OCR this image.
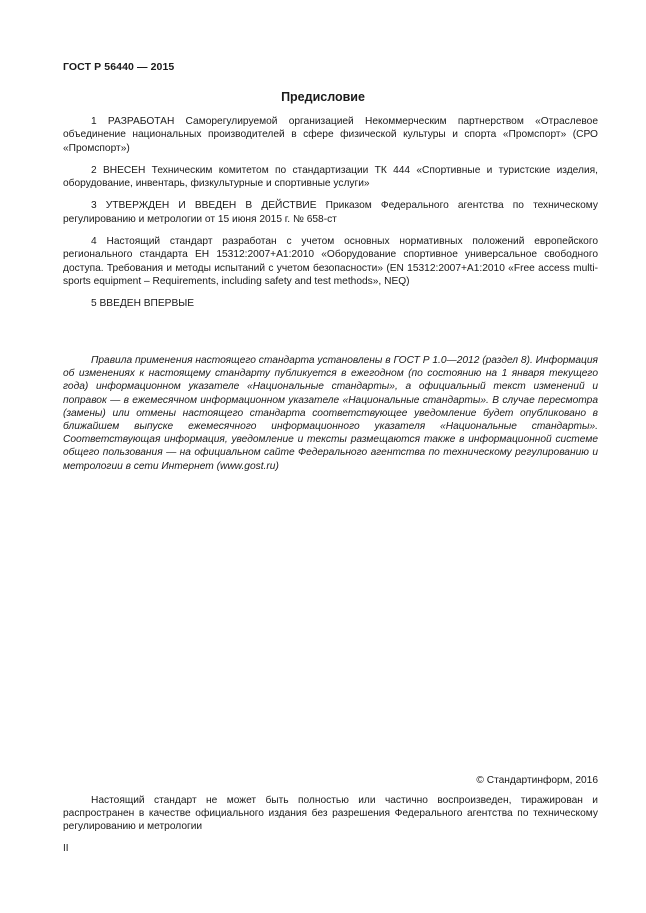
ГОСТ Р 56440 — 2015
Предисловие

1 РАЗРАБОТАН Саморегулируемой организацией Некоммерческим партнерством «Отраслевое объединение национальных производителей в сфере физической культуры и спорта «Промспорт» (СРО «Промспорт»)

2 ВНЕСЕН Техническим комитетом по стандартизации ТК 444 «Спортивные и туристские изделия, оборудование, инвентарь, физкультурные и спортивные услуги»

3 УТВЕРЖДЕН И ВВЕДЕН В ДЕЙСТВИЕ Приказом Федерального агентства по техническому регулированию и метрологии от 15 июня 2015 г. № 658-ст

4 Настоящий стандарт разработан с учетом основных нормативных положений европейского регионального стандарта ЕН 15312:2007+А1:2010 «Оборудование спортивное универсальное свободного доступа. Требования и методы испытаний с учетом безопасности» (EN 15312:2007+А1:2010 «Free access multi-sports equipment – Requirements, including safety and test methods», NEQ)

5 ВВЕДЕН ВПЕРВЫЕ

Правила применения настоящего стандарта установлены в ГОСТ Р 1.0—2012 (раздел 8). Информация об изменениях к настоящему стандарту публикуется в ежегодном (по состоянию на 1 января текущего года) информационном указателе «Национальные стандарты», а официальный текст изменений и поправок — в ежемесячном информационном указателе «Национальные стандарты». В случае пересмотра (замены) или отмены настоящего стандарта соответствующее уведомление будет опубликовано в ближайшем выпуске ежемесячного информационного указателя «Национальные стандарты». Соответствующая информация, уведомление и тексты размещаются также в информационной системе общего пользования — на официальном сайте Федерального агентства по техническому регулированию и метрологии в сети Интернет (www.gost.ru)

© Стандартинформ, 2016

Настоящий стандарт не может быть полностью или частично воспроизведен, тиражирован и распространен в качестве официального издания без разрешения Федерального агентства по техническому регулированию и метрологии

II
